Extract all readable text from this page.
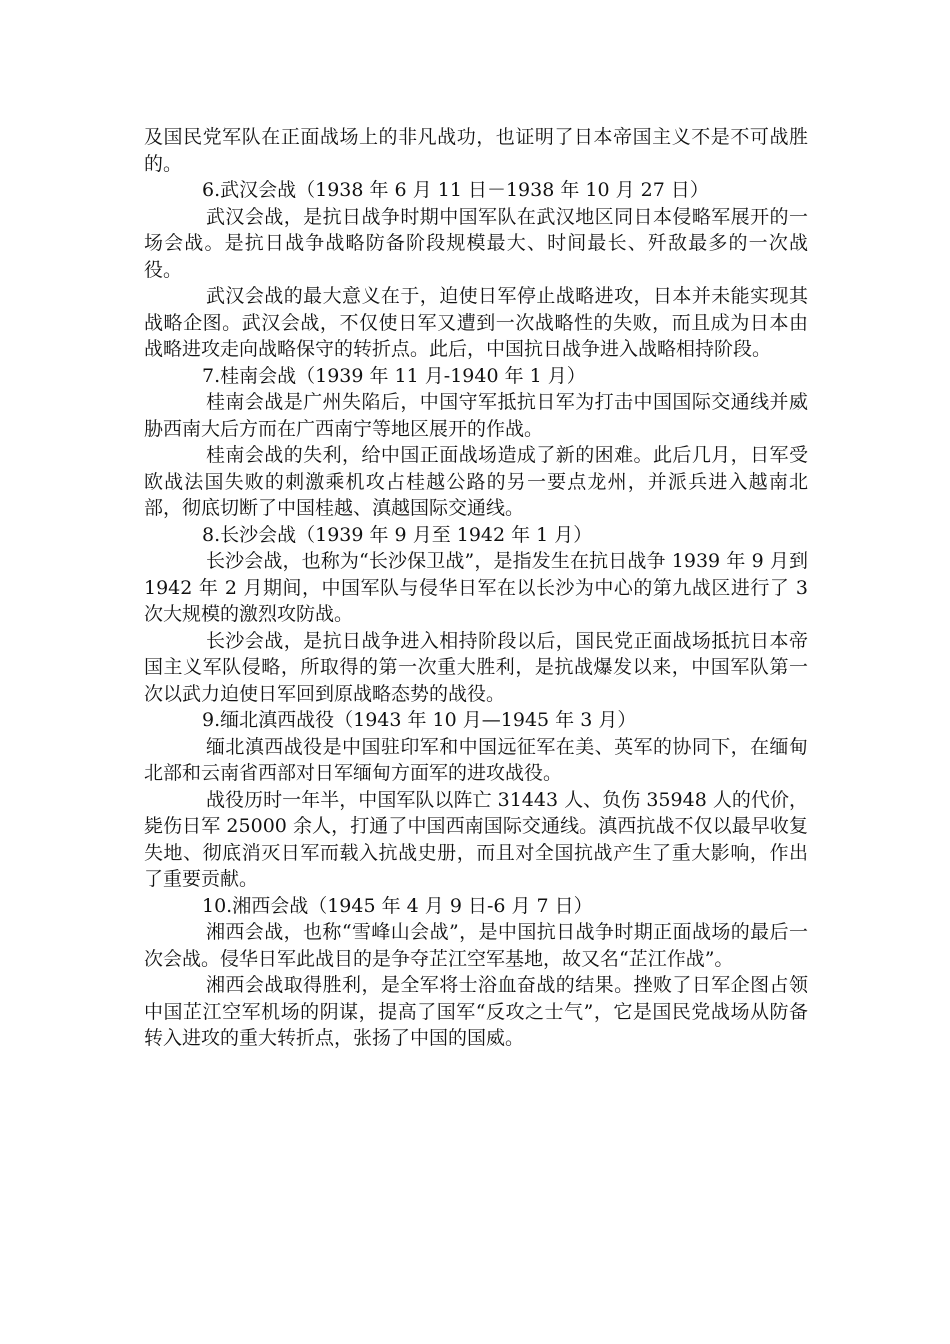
及国民党军队在正面战场上的非凡战功，也证明了日本帝国主义不是不可战胜的。

6.武汉会战（1938 年 6 月 11 日－1938 年 10 月 27 日）

武汉会战，是抗日战争时期中国军队在武汉地区同日本侵略军展开的一场会战。是抗日战争战略防备阶段规模最大、时间最长、歼敌最多的一次战役。

武汉会战的最大意义在于，迫使日军停止战略进攻，日本并未能实现其战略企图。武汉会战，不仅使日军又遭到一次战略性的失败，而且成为日本由战略进攻走向战略保守的转折点。此后，中国抗日战争进入战略相持阶段。

7.桂南会战（1939 年 11 月-1940 年 1 月）

桂南会战是广州失陷后，中国守军抵抗日军为打击中国国际交通线并威胁西南大后方而在广西南宁等地区展开的作战。

桂南会战的失利，给中国正面战场造成了新的困难。此后几月，日军受欧战法国失败的刺激乘机攻占桂越公路的另一要点龙州，并派兵进入越南北部，彻底切断了中国桂越、滇越国际交通线。

8.长沙会战（1939 年 9 月至 1942 年 1 月）

长沙会战，也称为“长沙保卫战”，是指发生在抗日战争 1939 年 9 月到 1942 年 2 月期间，中国军队与侵华日军在以长沙为中心的第九战区进行了 3 次大规模的激烈攻防战。

长沙会战，是抗日战争进入相持阶段以后，国民党正面战场抵抗日本帝国主义军队侵略，所取得的第一次重大胜利，是抗战爆发以来，中国军队第一次以武力迫使日军回到原战略态势的战役。

9.缅北滇西战役（1943 年 10 月—1945 年 3 月）

缅北滇西战役是中国驻印军和中国远征军在美、英军的协同下，在缅甸北部和云南省西部对日军缅甸方面军的进攻战役。

战役历时一年半，中国军队以阵亡 31443 人、负伤 35948 人的代价，毙伤日军 25000 余人，打通了中国西南国际交通线。滇西抗战不仅以最早收复失地、彻底消灭日军而载入抗战史册，而且对全国抗战产生了重大影响，作出了重要贡献。

10.湘西会战（1945 年 4 月 9 日-6 月 7 日）

湘西会战，也称“雪峰山会战”，是中国抗日战争时期正面战场的最后一次会战。侵华日军此战目的是争夺芷江空军基地，故又名“芷江作战”。

湘西会战取得胜利，是全军将士浴血奋战的结果。挫败了日军企图占领中国芷江空军机场的阴谋，提高了国军“反攻之士气”，它是国民党战场从防备转入进攻的重大转折点，张扬了中国的国威。
